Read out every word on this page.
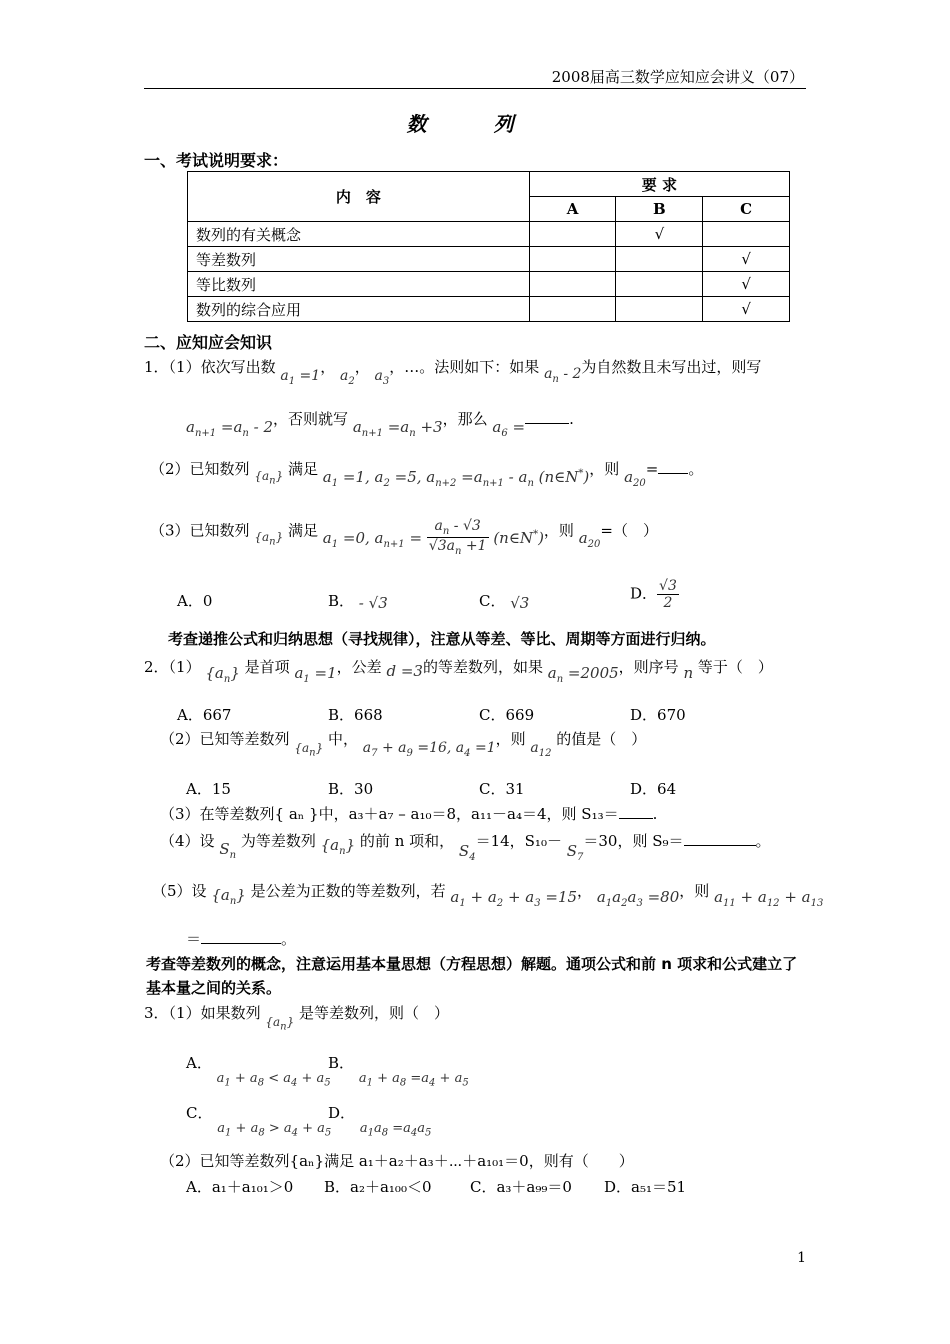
2008届高三数学应知应会讲义（07）
数 列
一、考试说明要求：
内　容	要 求		
	A	B	C
数列的有关概念		√	
等差数列			√
等比数列			√
数列的综合应用			√
二、应知应会知识
1．（1）依次写出数 $a_1 =1$， $a_2$， $a_3$，…。法则如下：如果 $a_n - 2$为自然数且未写出过，则写
$a_{n+1} =a_n - 2$，否则就写 $a_{n+1} =a_n +3$，那么 $a_6$ =	.
（2）已知数列 $_{\{a_n\}}$ 满足 $a_1 =1$, $a_2 =5$, $a_{n+2} =a_{n+1} - a_n$ (n∈N*)，则 $a_{20}=$ 。
（3）已知数列 $_{\{a_n\}}$ 满足 $a_1 =0$, $a_{n+1} = \frac{a_n - √3}{√3a_n +1}$ (n∈N*)，则 $a_{20}=$（　）
A．0	B． - √3	C． √3
D． $\frac{√3}{2}$
考查递推公式和归纳思想（寻找规律），注意从等差、等比、周期等方面进行归纳。
2．（1） $\{a_n\}$ 是首项 $a_1 =1$，公差 d =3的等差数列，如果 $a_n =2005$，则序号 n 等于（　）
A．667	B．668	C．669	D．670
（2）已知等差数列 $_{\{a_n\}}$ 中， $a_7 + a_9 =16$, $a_4 =1$，则 $a_{12}$ 的值是（　）
A．15	B．30	C．31	D．64
（3）在等差数列{ aₙ }中，a₃＋a₇ – a₁₀＝8，a₁₁－a₄＝4，则 S₁₃＝ .
（4）设 $S_n$ 为等差数列 $\{a_n\}$ 的前 n 项和， $S_4=14$，$S_{10}- S_7=30$，则 S₉＝	。
（5）设 $\{a_n\}$ 是公差为正数的等差数列，若 $a_1 + a_2 + a_3 =15$， $a_1a_2a_3 =80$，则 $a_{11} + a_{12} + a_{13}$
＝	。
考查等差数列的概念，注意运用基本量思想（方程思想）解题。通项公式和前 n 项求和公式建立了基本量之间的关系。
3．（1）如果数列 $_{\{a_n\}}$ 是等差数列，则（　）
A． $a_1 + a_8 < a_4 + a_5$
B． $a_1 + a_8 =a_4 + a_5$
C． $a_1 + a_8 > a_4 + a_5$
D． $a_1a_8 =a_4a_5$
（2）已知等差数列{aₙ}满足 a₁＋a₂＋a₃＋⋯＋a₁₀₁＝0，则有（　　）
A．a₁＋a₁₀₁＞0 B．a₂＋a₁₀₀＜0	C．a₃＋a₉₉＝0 D．a₅₁＝51
1
